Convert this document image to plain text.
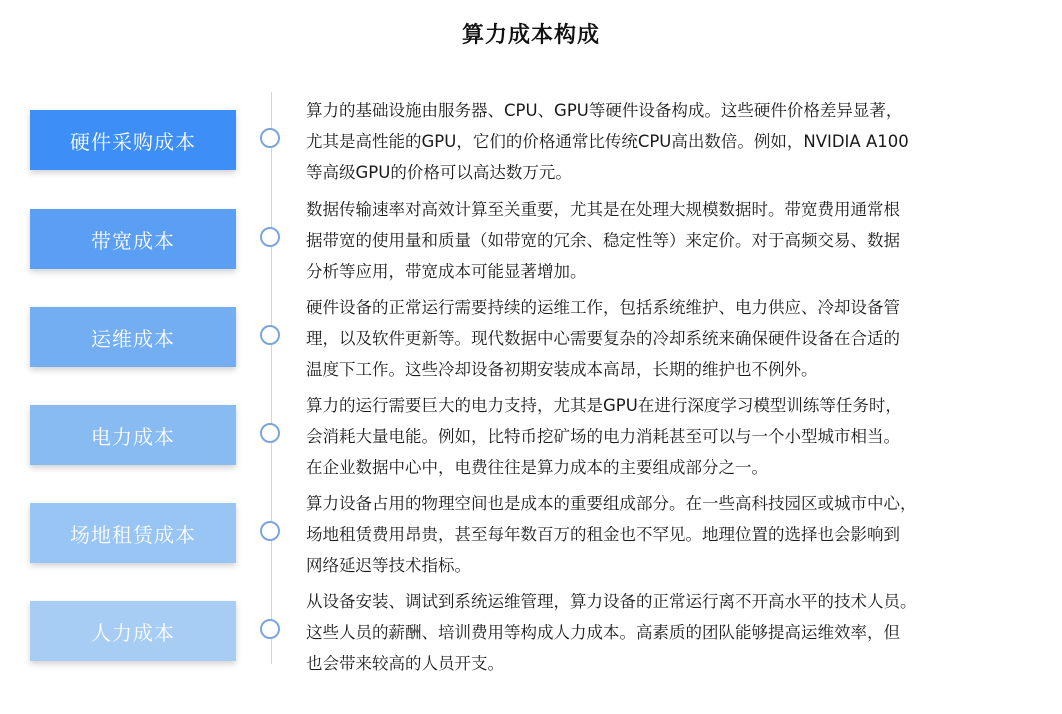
算力成本构成
硬件采购成本
算力的基础设施由服务器、CPU、GPU等硬件设备构成。这些硬件价格差异显著，
尤其是高性能的GPU，它们的价格通常比传统CPU高出数倍。例如，NVIDIA A100
等高级GPU的价格可以高达数万元。
带宽成本
数据传输速率对高效计算至关重要，尤其是在处理大规模数据时。带宽费用通常根
据带宽的使用量和质量（如带宽的冗余、稳定性等）来定价。对于高频交易、数据
分析等应用，带宽成本可能显著增加。
运维成本
硬件设备的正常运行需要持续的运维工作，包括系统维护、电力供应、冷却设备管
理，以及软件更新等。现代数据中心需要复杂的冷却系统来确保硬件设备在合适的
温度下工作。这些冷却设备初期安装成本高昂，长期的维护也不例外。
电力成本
算力的运行需要巨大的电力支持，尤其是GPU在进行深度学习模型训练等任务时，
会消耗大量电能。例如，比特币挖矿场的电力消耗甚至可以与一个小型城市相当。
在企业数据中心中，电费往往是算力成本的主要组成部分之一。
场地租赁成本
算力设备占用的物理空间也是成本的重要组成部分。在一些高科技园区或城市中心，
场地租赁费用昂贵，甚至每年数百万的租金也不罕见。地理位置的选择也会影响到
网络延迟等技术指标。
人力成本
从设备安装、调试到系统运维管理，算力设备的正常运行离不开高水平的技术人员。
这些人员的薪酬、培训费用等构成人力成本。高素质的团队能够提高运维效率，但
也会带来较高的人员开支。
